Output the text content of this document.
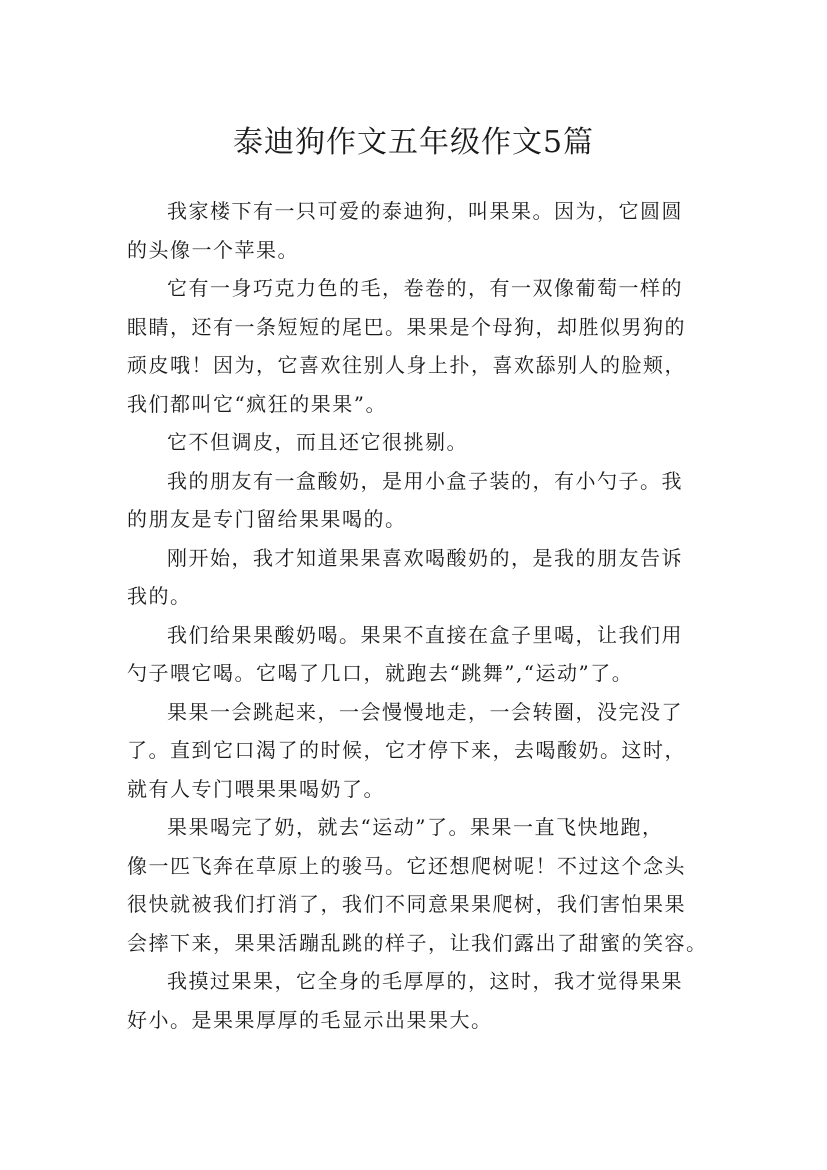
泰迪狗作文五年级作文5篇

我家楼下有一只可爱的泰迪狗，叫果果。因为，它圆圆
的头像一个苹果。

它有一身巧克力色的毛，卷卷的，有一双像葡萄一样的
眼睛，还有一条短短的尾巴。果果是个母狗，却胜似男狗的
顽皮哦！因为，它喜欢往别人身上扑，喜欢舔别人的脸颊，
我们都叫它“疯狂的果果”。

它不但调皮，而且还它很挑剔。

我的朋友有一盒酸奶，是用小盒子装的，有小勺子。我
的朋友是专门留给果果喝的。

刚开始，我才知道果果喜欢喝酸奶的，是我的朋友告诉
我的。

我们给果果酸奶喝。果果不直接在盒子里喝，让我们用
勺子喂它喝。它喝了几口，就跑去“跳舞”,“运动”了。

果果一会跳起来，一会慢慢地走，一会转圈，没完没了
了。直到它口渴了的时候，它才停下来，去喝酸奶。这时，
就有人专门喂果果喝奶了。

果果喝完了奶，就去“运动”了。果果一直飞快地跑，
像一匹飞奔在草原上的骏马。它还想爬树呢！不过这个念头
很快就被我们打消了，我们不同意果果爬树，我们害怕果果
会摔下来，果果活蹦乱跳的样子，让我们露出了甜蜜的笑容。

我摸过果果，它全身的毛厚厚的，这时，我才觉得果果
好小。是果果厚厚的毛显示出果果大。
